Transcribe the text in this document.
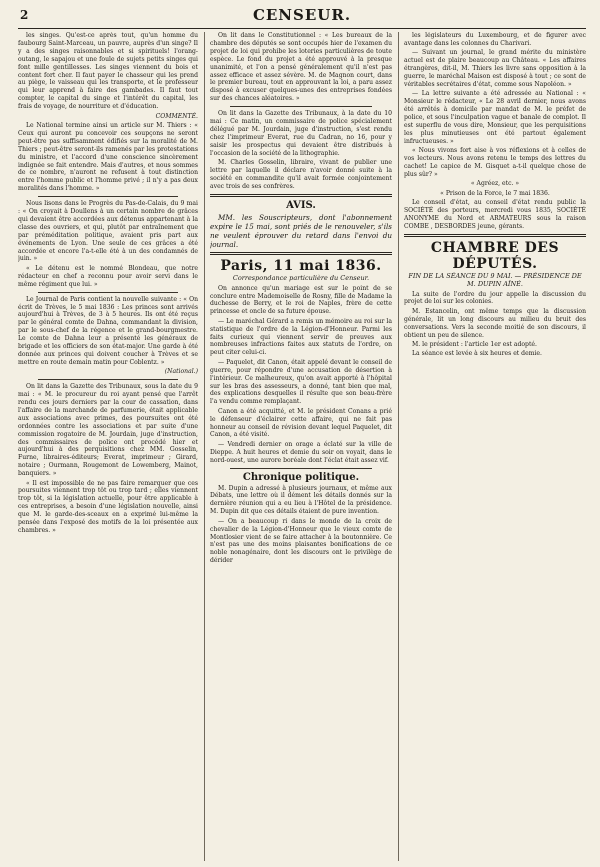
2	CENSEUR.

les singes. Qu'est-ce après tout, qu'un homme du faubourg Saint-Marceau, un pauvre, auprès d'un singe? Il y a des singes raisonnables et si spirituels! l'orang-outang, le sapajou et une foule de sujets petits singes qui font mille gentillesses. Les singes viennent du bois et content fort cher. Il faut payer le chasseur qui les prend au piège, le vaisseau qui les transporte, et le professeur qui leur apprend à faire des gambades. Il faut tout compter, le capital du singe et l'intérêt du capital, les frais de voyage, de nourriture et d'éducation.

COMMENTÉ.

Le National termine ainsi un article sur M. Thiers : « Ceux qui auront pu concevoir ces soupçons ne seront peut-être pas suffisamment édifiés sur la moralité de M. Thiers ; peut-être seront-ils ramenés par les protestations du ministre, et l'accord d'une conscience sincèrement indignée se fait entendre. Mais d'autres, et nous sommes de ce nombre, n'auront ne refusent à tout distinction entre l'homme public et l'homme privé ; il n'y a pas deux moralités dans l'homme. »

Nous lisons dans le Progrès du Pas-de-Calais, du 9 mai : « On croyait à Doullens à un certain nombre de grâces qui devaient être accordées aux détenus appartenant à la classe des ouvriers, et qui, plutôt par entraînement que par préméditation politique, avaient pris part aux événements de Lyon. Une seule de ces grâces a été accordée et encore l'a-t-elle été à un des condamnés de juin. »

« Le détenu est le nommé Blondeau, que notre rédacteur en chef a reconnu pour avoir servi dans le même régiment que lui. »

Le Journal de Paris contient la nouvelle suivante : « On écrit de Trèves, le 5 mai 1836 : Les princes sont arrivés aujourd'hui à Trèves, de 3 à 5 heures. Ils ont été reçus par le général comte de Dahna, commandant la division, par le sous-chef de la régence et le grand-bourgmestre. Le comte de Dahna leur a présenté les généraux de brigade et les officiers de son état-major. Une garde à été donnée aux princes qui doivent coucher à Trèves et se mettre en route demain matin pour Coblentz. »

(National.)

On lit dans la Gazette des Tribunaux, sous la date du 9 mai : « M. le procureur du roi ayant pensé que l'arrêt rendu ces jours derniers par la cour de cassation, dans l'affaire de la marchande de parfumerie, était applicable aux associations avec primes, des poursuites ont été ordonnées contre les associations et par suite d'une commission rogatoire de M. Jourdain, juge d'instruction, des commissaires de police ont procédé hier et aujourd'hui à des perquisitions chez MM. Gosselin, Furne, libraires-éditeurs; Everat, imprimeur ; Girard, notaire ; Ourmann, Rougemont de Lowemberg, Mainot, banquiers. »

« Il est impossible de ne pas faire remarquer que ces poursuites viennent trop tôt ou trop tard ; elles viennent trop tôt, si la législation actuelle, pour être applicable à ces entreprises, a besoin d'une législation nouvelle, ainsi que M. le garde-des-sceaux en a exprimé lui-même la pensée dans l'exposé des motifs de la loi présentée aux chambres. »

On lit dans le Constitutionnel : « Les bureaux de la chambre des députés se sont occupés hier de l'examen du projet de loi qui prohibe les loteries particulières de toute espèce. Le fond du projet a été approuvé à la presque unanimité, et l'on a pensé généralement qu'il n'est pas assez efficace et assez sévère. M. de Magnon court, dans le premier bureau, tout en approuvant la loi, a paru assez disposé à excuser quelques-unes des entreprises fondées sur des chances aléatoires. »

On lit dans la Gazette des Tribunaux, à la date du 10 mai : Ce matin, un commissaire de police spécialement délégué par M. Jourdain, juge d'instruction, s'est rendu chez l'imprimeur Everat, rue du Cadran, no 16, pour y saisir les prospectus qui devaient être distribués à l'occasion de la société de la lithographie.

M. Charles Gosselin, libraire, vivant de publier une lettre par laquelle il déclare n'avoir donné suite à la société en commandite qu'il avait formée conjointement avec trois de ses confrères.

AVIS.

MM. les Souscripteurs, dont l'abonnement expire le 15 mai, sont priés de le renouveler, s'ils ne veulent éprouver du retard dans l'envoi du journal.

Paris, 11 mai 1836.
Correspondance particulière du Censeur.

On annonce qu'un mariage est sur le point de se conclure entre Mademoiselle de Rosny, fille de Madame la duchesse de Berry, et le roi de Naples, frère de cette princesse et oncle de sa future épouse.

— Le maréchal Gérard a remis un mémoire au roi sur la statistique de l'ordre de la Légion-d'Honneur. Parmi les faits curieux qui viennent servir de preuves aux nombreuses infractions faites aux statuts de l'ordre, on peut citer celui-ci.

— Paquelet, dit Canon, était appelé devant le conseil de guerre, pour répondre d'une accusation de désertion à l'intérieur. Ce malheureux, qu'on avait apporté à l'hôpital sur les bras des assesseurs, a donné, tant bien que mal, des explications desquelles il résulte que son beau-frère l'a vendu comme remplaçant.

Canon a été acquitté, et M. le président Conans a prié le défenseur d'éclairer cette affaire, qui ne fait pas honneur au conseil de révision devant lequel Paquelet, dit Canon, a été visité.

— Vendredi dernier on orage a éclaté sur la ville de Dieppe. A huit heures et demie du soir on voyait, dans le nord-ouest, une aurore boréale dont l'éclat était assez vif.

Chronique politique.

M. Dupin a adressé à plusieurs journaux, et même aux Débats, une lettre où il dément les détails donnés sur la dernière réunion qui a eu lieu à l'Hôtel de la présidence. M. Dupin dit que ces détails étaient de pure invention.

— On a beaucoup ri dans le monde de la croix de chevalier de la Légion-d'Honneur que le vieux comte de Montlosier vient de se faire attacher à la boutonnière. Ce n'est pas une des moins plaisantes bonifications de ce noble nonagénaire, dont les discours ont le privilège de dérider

les législateurs du Luxembourg, et de figurer avec avantage dans les colonnes du Charivari.

— Suivant un journal, le grand mérite du ministère actuel est de plaire beaucoup au Château. « Les affaires étrangères, dit-il, M. Thiers les livre sans opposition à la guerre, le maréchal Maison est disposé à tout ; ce sont de véritables secrétaires d'état, comme sous Napoléon. »

— La lettre suivante a été adressée au National : « Monsieur le rédacteur, « Le 28 avril dernier, nous avons été arrêtés à domicile par mandat de M. le préfet de police, et sous l'inculpation vague et banale de complot. Il est superflu de vous dire, Monsieur, que les perquisitions les plus minutieuses ont été partout également infructueuses. »

« Nous vivons fort aise à vos réflexions et à celles de vos lecteurs. Nous avons retenu le temps des lettres du cachet! Le capice de M. Gisquet a-t-il quelque chose de plus sûr? »

« Agréez, etc. »

« Prison de la Force, le 7 mai 1836.

Le conseil d'état, au conseil d'état rendu public la SOCIÉTÉ des porteurs, mercredi vous 1835, SOCIÉTÉ ANONYME du Nord et ARMATEURS sous la raison COMBE , DESBORDES jeune, gérants.

CHAMBRE DES DÉPUTÉS.
FIN DE LA SÉANCE DU 9 MAI. — PRÉSIDENCE DE M. DUPIN AÎNÉ.

La suite de l'ordre du jour appelle la discussion du projet de loi sur les colonies.

M. Estancelin, ont même temps que la discussion générale, lit un long discours au milieu du bruit des conversations. Vers la seconde moitié de son discours, il obtient un peu de silence.

M. le président : l'article 1er est adopté.

La séance est levée à six heures et demie.
